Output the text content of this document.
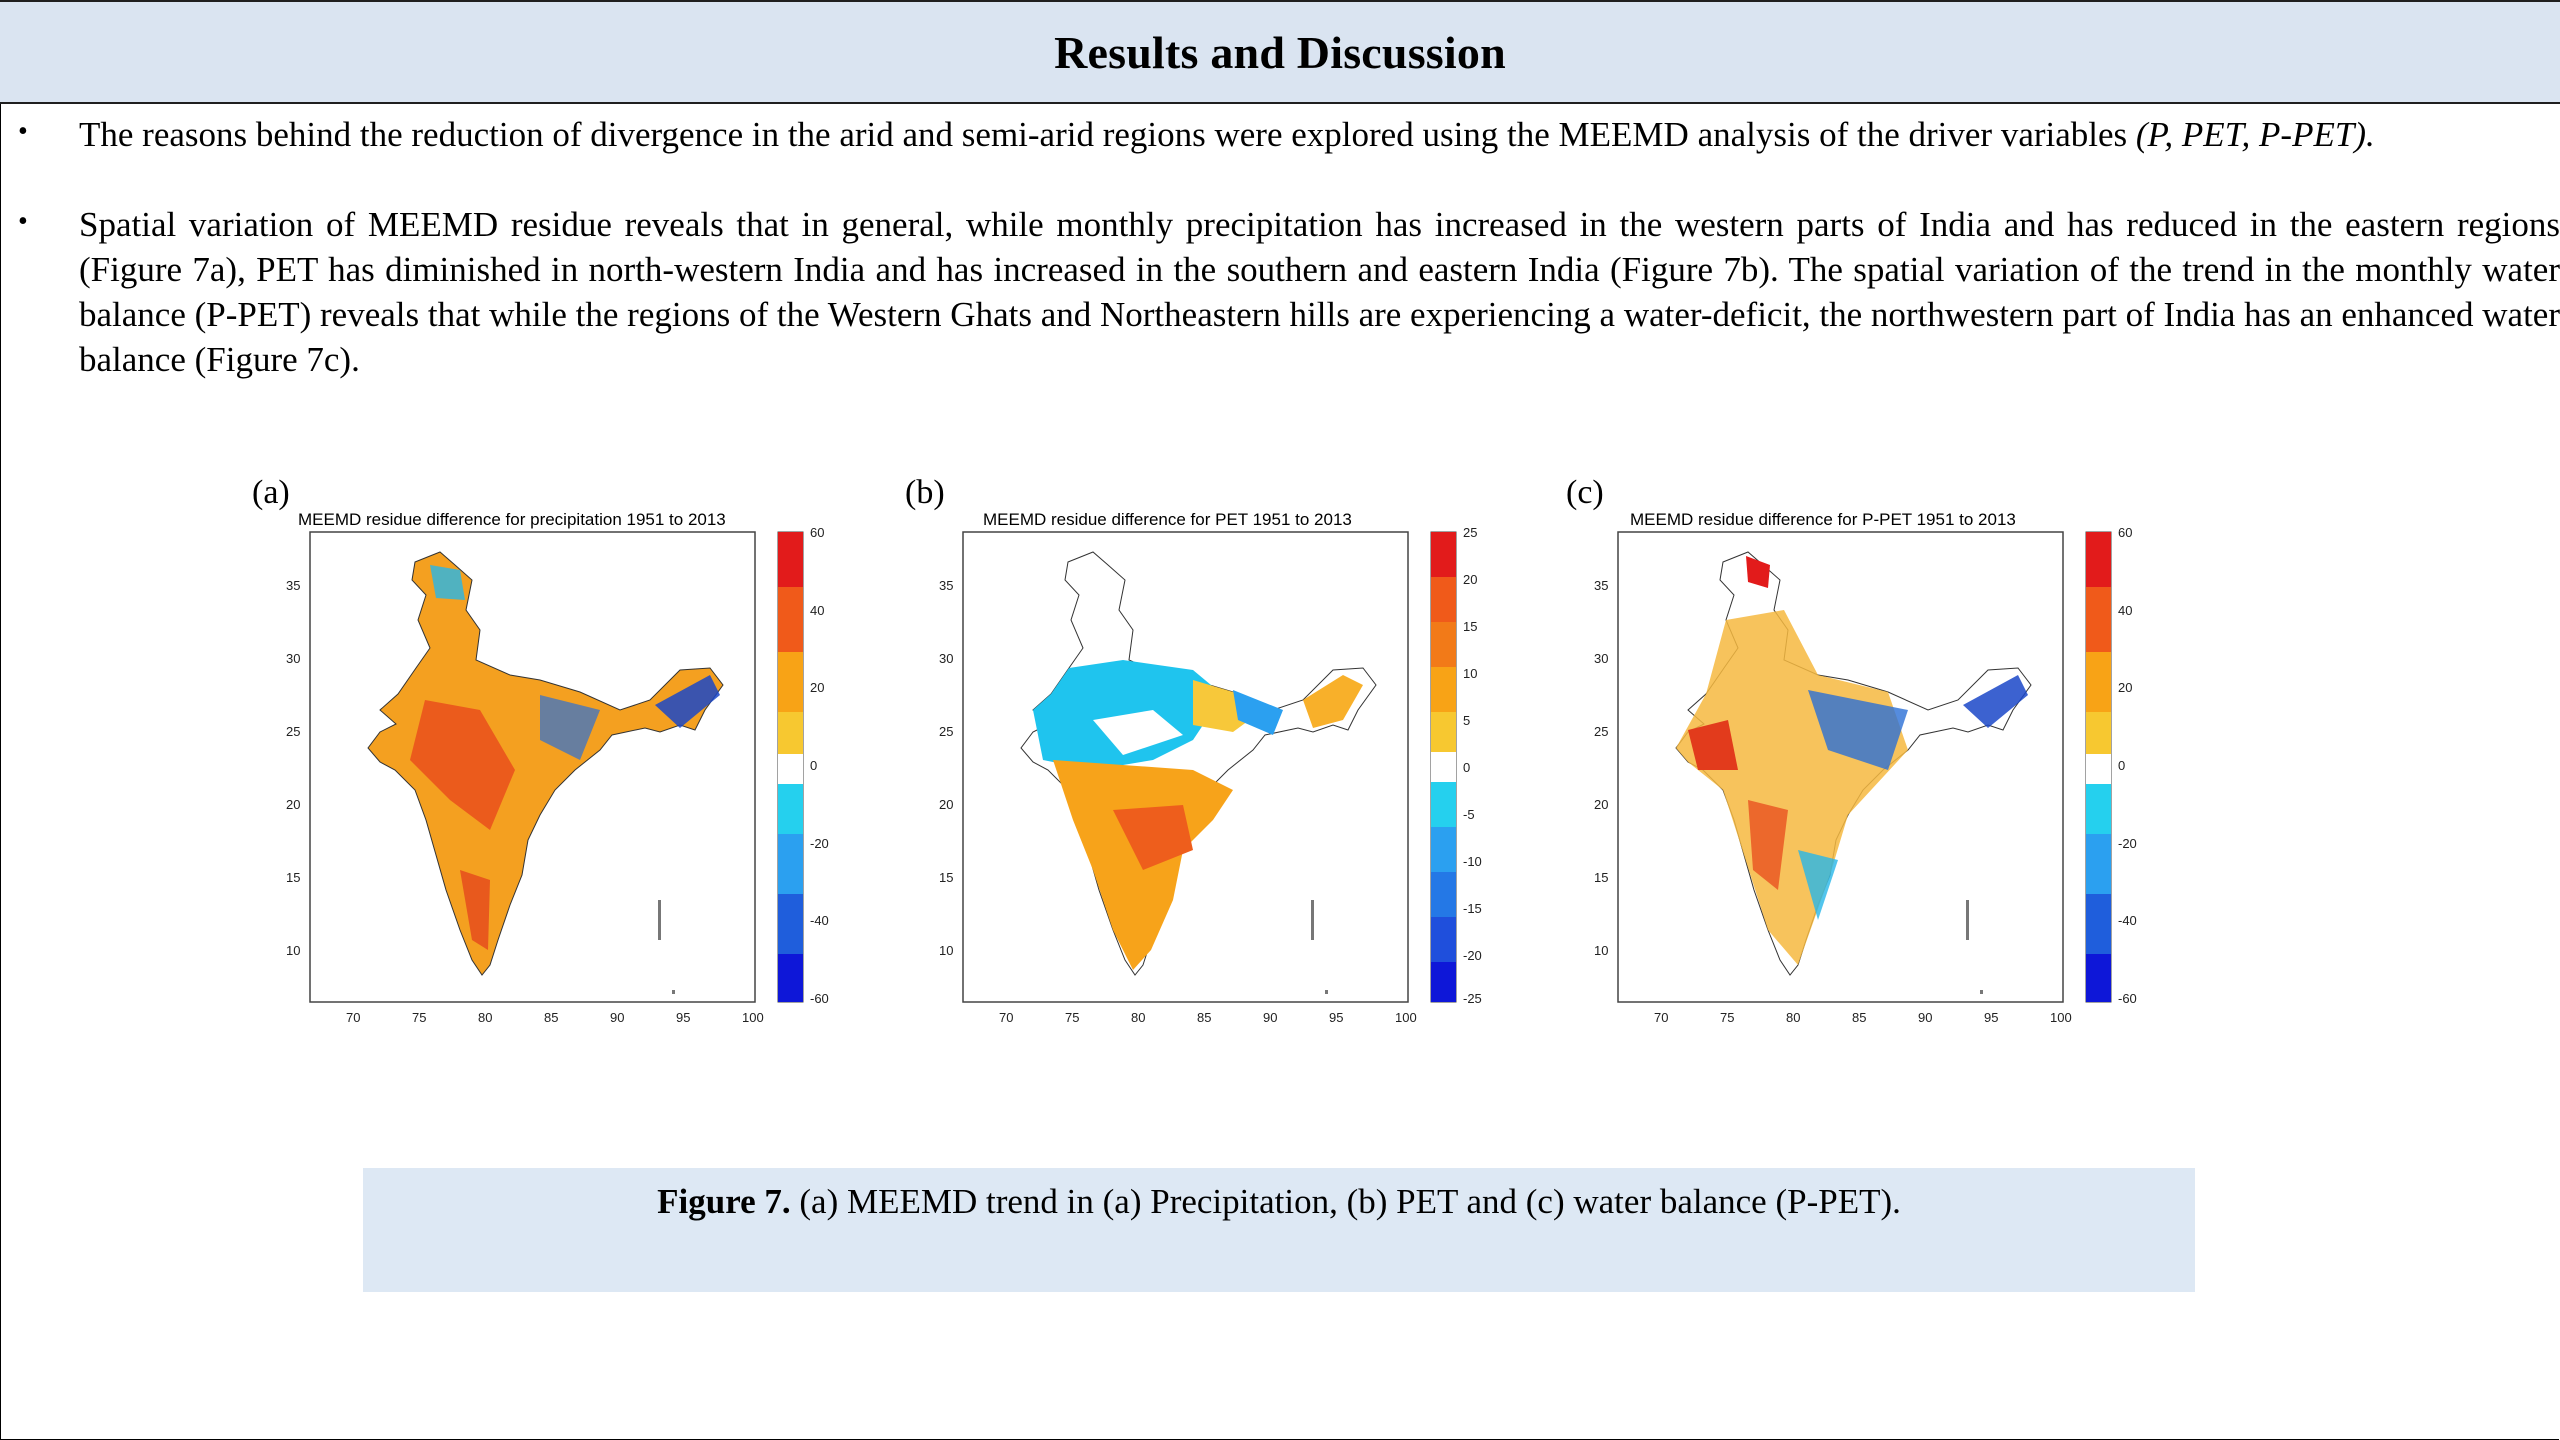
Results and Discussion
• The reasons behind the reduction of divergence in the arid and semi-arid regions were explored using the MEEMD analysis of the driver variables (P, PET, P-PET).
• Spatial variation of MEEMD residue reveals that in general, while monthly precipitation has increased in the western parts of India and has reduced in the eastern regions (Figure 7a), PET has diminished in north-western India and has increased in the southern and eastern India (Figure 7b). The spatial variation of the trend in the monthly water balance (P-PET) reveals that while the regions of the Western Ghats and Northeastern hills are experiencing a water-deficit, the northwestern part of India has an enhanced water balance (Figure 7c).
(a)
MEEMD residue difference for precipitation 1951 to 2013
60
40
20
0
-20
-40
-60
70	75	80	85	90	95	100
35
30
25
20
15
10
(b)
MEEMD residue difference for PET 1951 to 2013
25
20
15
10
5
0
-5
-10
-15
-20
-25
70	75	80	85	90	95	100
35
30
25
20
15
10
(c)
MEEMD residue difference for P-PET 1951 to 2013
60
40
20
0
-20
-40
-60
70	75	80	85	90	95	100
35
30
25
20
15
10
Figure 7. (a) MEEMD trend in (a) Precipitation, (b) PET and (c) water balance (P-PET).
